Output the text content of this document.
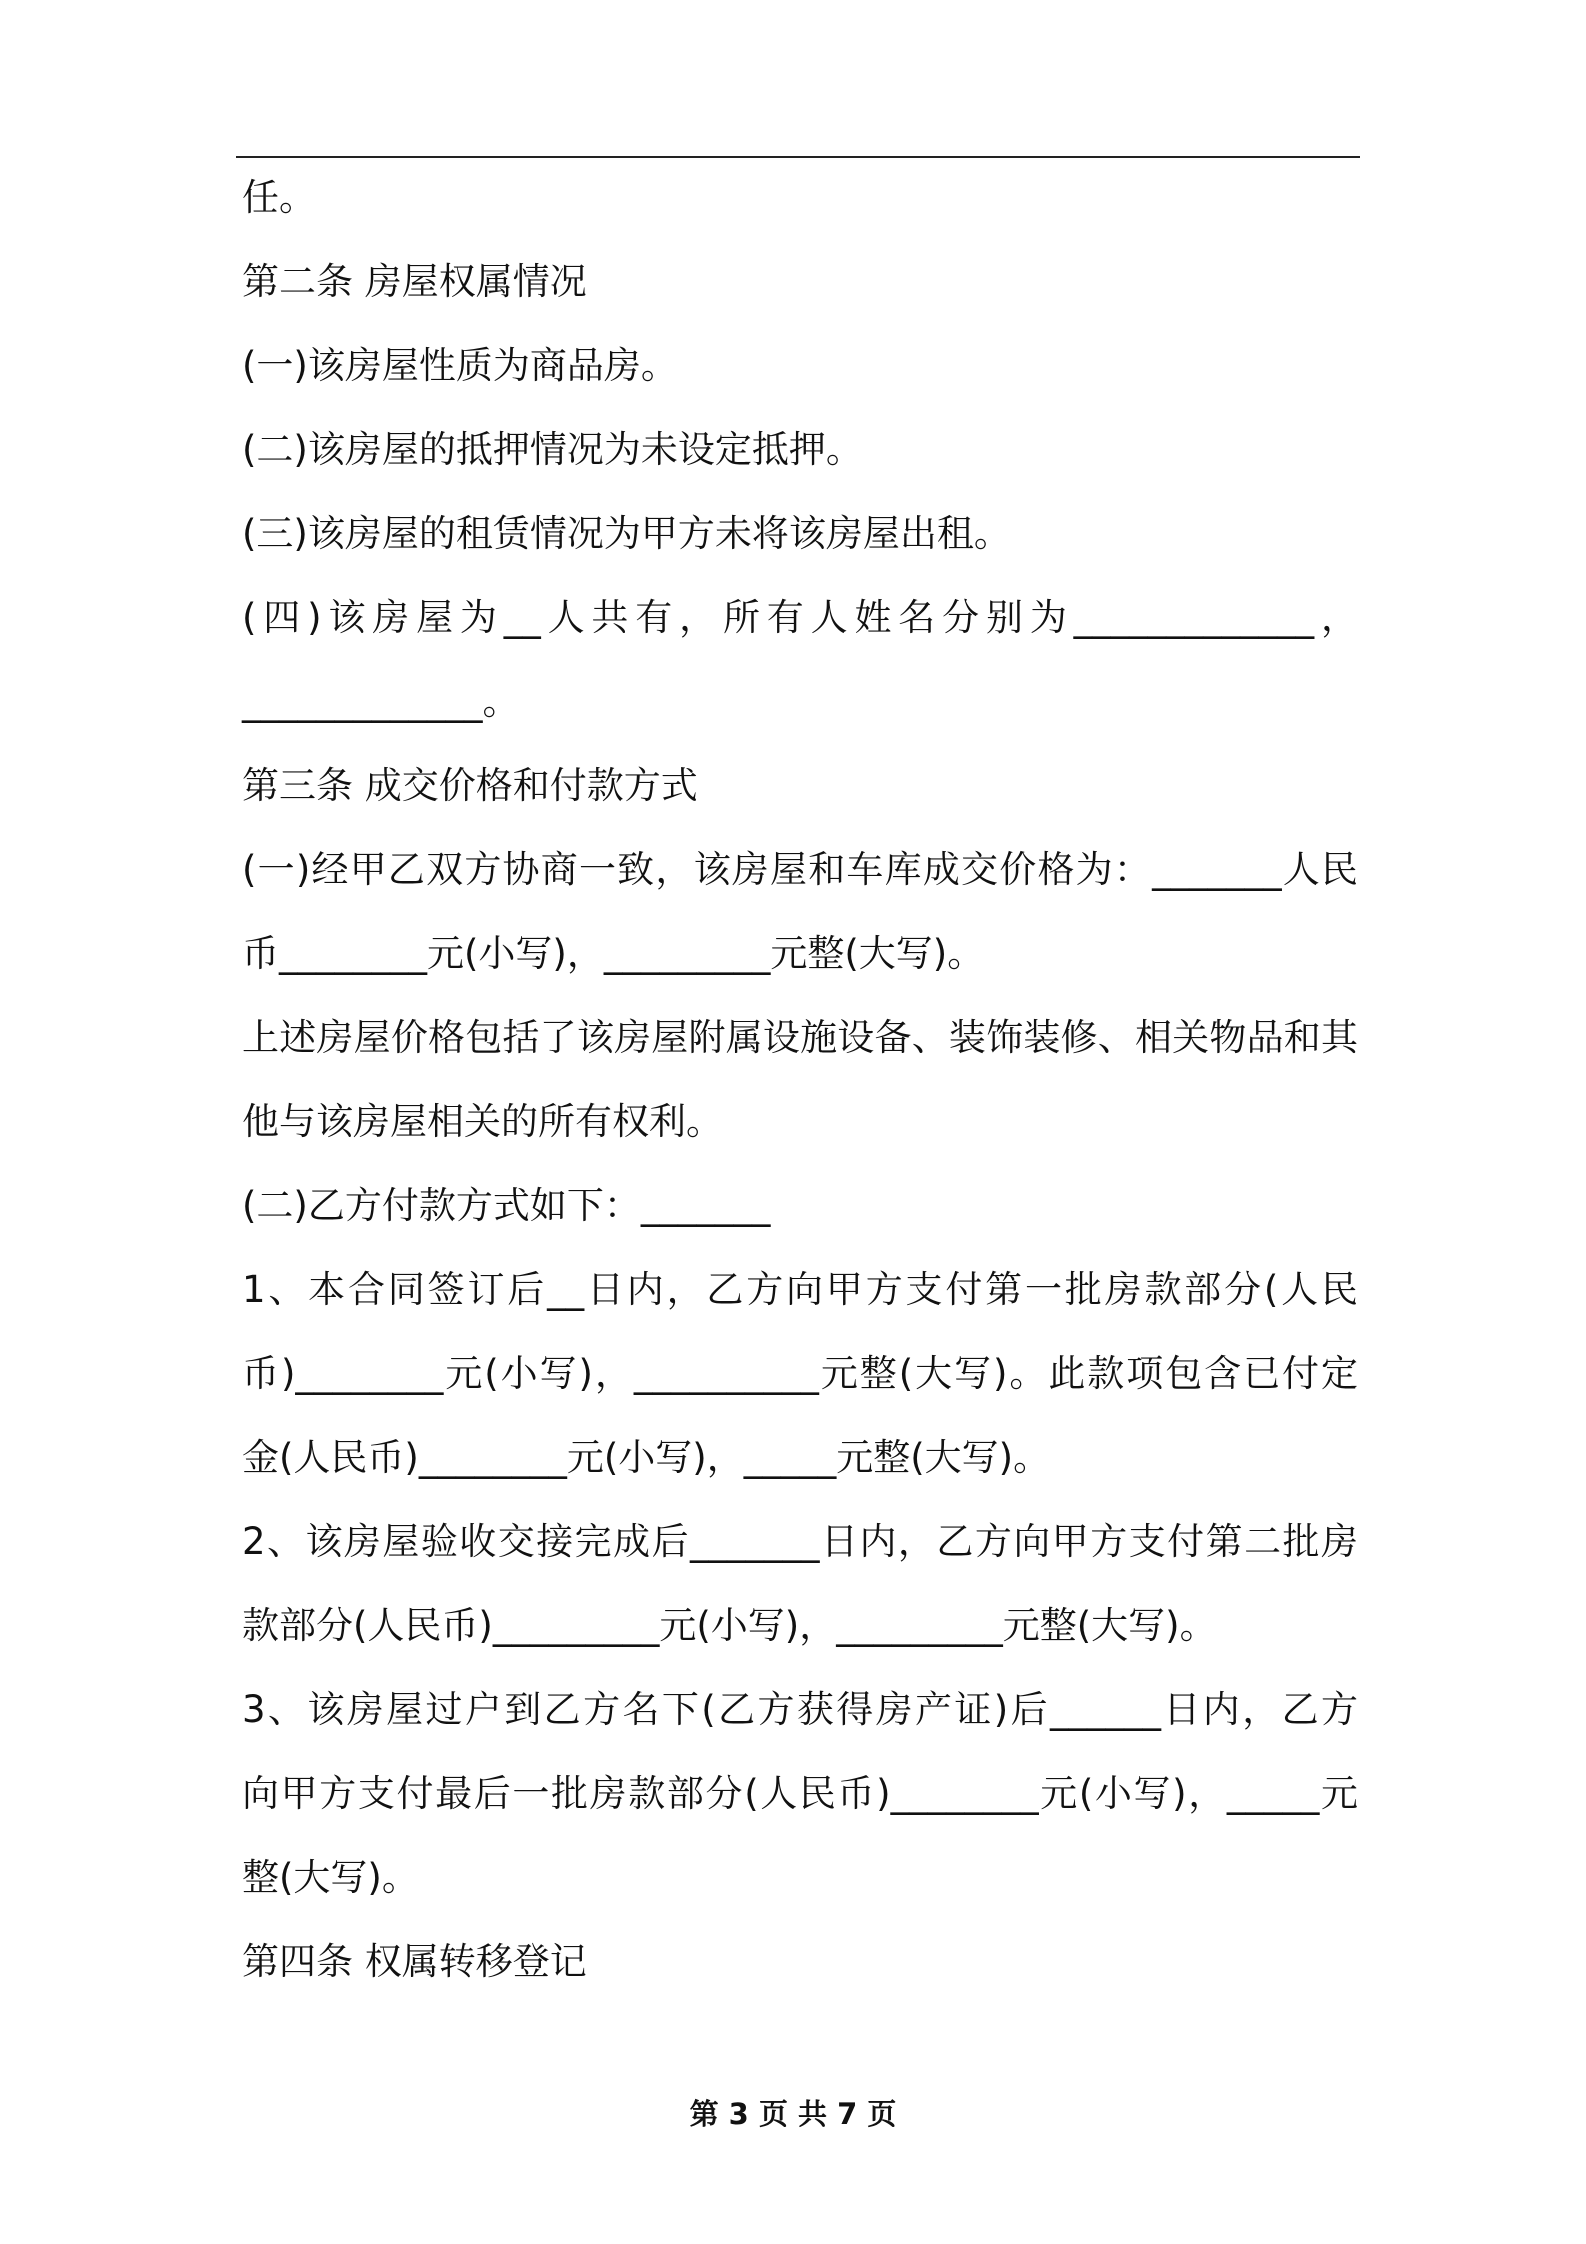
任。
第二条 房屋权属情况
(一)该房屋性质为商品房。
(二)该房屋的抵押情况为未设定抵押。
(三)该房屋的租赁情况为甲方未将该房屋出租。
(四)该房屋为__人共有，所有人姓名分别为_____________，
_____________。
第三条 成交价格和付款方式
(一)经甲乙双方协商一致，该房屋和车库成交价格为：_______人民
币________元(小写)，_________元整(大写)。
上述房屋价格包括了该房屋附属设施设备、装饰装修、相关物品和其
他与该房屋相关的所有权利。
(二)乙方付款方式如下：_______
1、本合同签订后__日内，乙方向甲方支付第一批房款部分(人民
币)________元(小写)，__________元整(大写)。此款项包含已付定
金(人民币)________元(小写)，_____元整(大写)。
2、该房屋验收交接完成后_______日内，乙方向甲方支付第二批房
款部分(人民币)_________元(小写)，_________元整(大写)。
3、该房屋过户到乙方名下(乙方获得房产证)后______日内，乙方
向甲方支付最后一批房款部分(人民币)________元(小写)，_____元
整(大写)。
第四条 权属转移登记
第 3 页 共 7 页
